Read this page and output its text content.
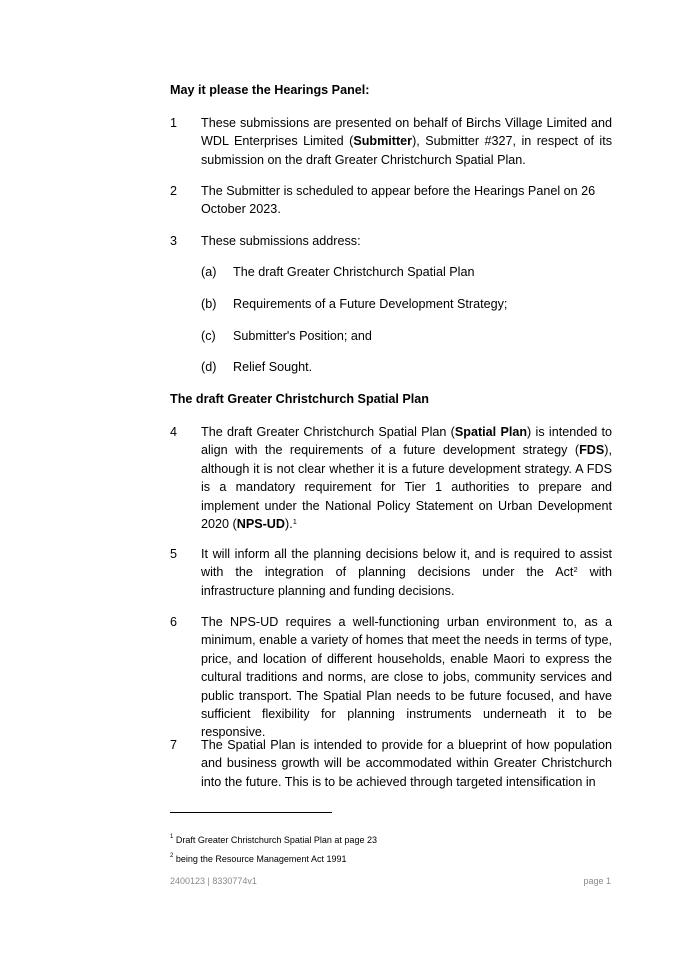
May it please the Hearings Panel:
1	These submissions are presented on behalf of Birchs Village Limited and WDL Enterprises Limited (Submitter), Submitter #327, in respect of its submission on the draft Greater Christchurch Spatial Plan.
2	The Submitter is scheduled to appear before the Hearings Panel on 26 October 2023.
3	These submissions address:
(a) The draft Greater Christchurch Spatial Plan
(b) Requirements of a Future Development Strategy;
(c) Submitter's Position; and
(d) Relief Sought.
The draft Greater Christchurch Spatial Plan
4	The draft Greater Christchurch Spatial Plan (Spatial Plan) is intended to align with the requirements of a future development strategy (FDS), although it is not clear whether it is a future development strategy. A FDS is a mandatory requirement for Tier 1 authorities to prepare and implement under the National Policy Statement on Urban Development 2020 (NPS-UD).$^1$
5	It will inform all the planning decisions below it, and is required to assist with the integration of planning decisions under the Act$^2$ with infrastructure planning and funding decisions.
6	The NPS-UD requires a well-functioning urban environment to, as a minimum, enable a variety of homes that meet the needs in terms of type, price, and location of different households, enable Maori to express the cultural traditions and norms, are close to jobs, community services and public transport. The Spatial Plan needs to be future focused, and have sufficient flexibility for planning instruments underneath it to be responsive.
7	The Spatial Plan is intended to provide for a blueprint of how population and business growth will be accommodated within Greater Christchurch into the future. This is to be achieved through targeted intensification in
$^1$ Draft Greater Christchurch Spatial Plan at page 23
$^2$ being the Resource Management Act 1991
2400123 | 8330774v1	page 1
